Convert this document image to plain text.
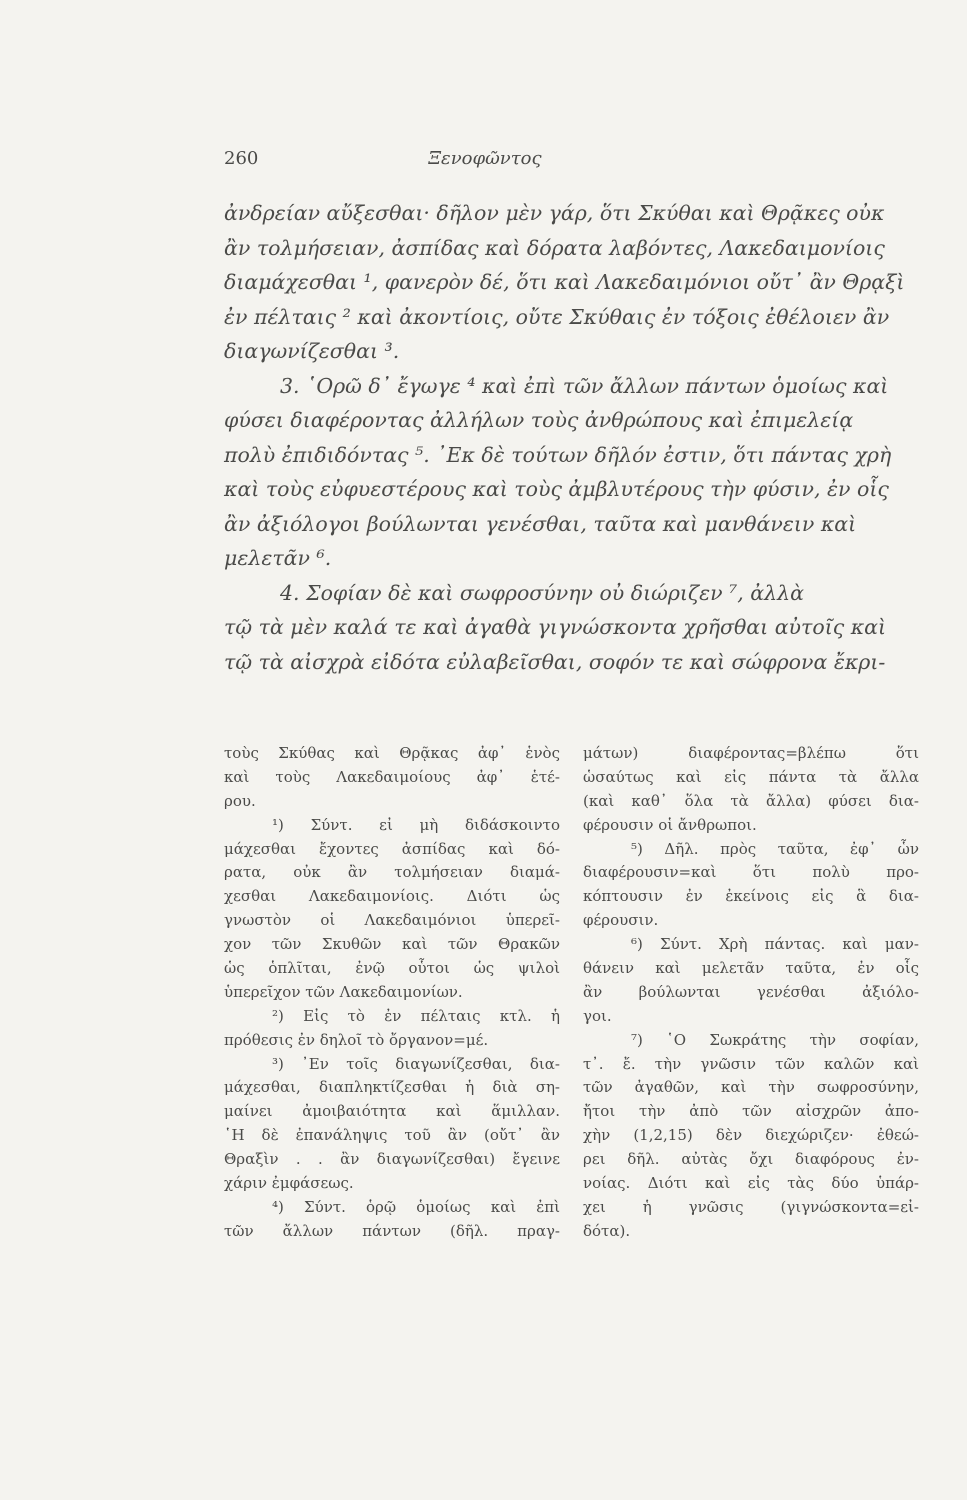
260	Ξενοφῶντος
ἀνδρείαν αὔξεσθαι· δῆλον μὲν γάρ, ὅτι Σκύθαι καὶ Θρᾷκες οὐκ
ἂν τολμήσειαν, ἀσπίδας καὶ δόρατα λαβόντες, Λακεδαιμονίοις
διαμάχεσθαι ¹, φανερὸν δέ, ὅτι καὶ Λακεδαιμόνιοι οὔτ᾿ ἂν Θρᾳξὶ
ἐν πέλταις ² καὶ ἀκοντίοις, οὔτε Σκύθαις ἐν τόξοις ἐθέλοιεν ἂν
διαγωνίζεσθαι ³.
3. ῾Ορῶ δ᾿ ἔγωγε ⁴ καὶ ἐπὶ τῶν ἄλλων πάντων ὁμοίως καὶ
φύσει διαφέροντας ἀλλήλων τοὺς ἀνθρώπους καὶ ἐπιμελείᾳ
πολὺ ἐπιδιδόντας ⁵. ᾿Εκ δὲ τούτων δῆλόν ἐστιν, ὅτι πάντας χρὴ
καὶ τοὺς εὐφυεστέρους καὶ τοὺς ἀμβλυτέρους τὴν φύσιν, ἐν οἷς
ἂν ἀξιόλογοι βούλωνται γενέσθαι, ταῦτα καὶ μανθάνειν καὶ
μελετᾶν ⁶.
4. Σοφίαν δὲ καὶ σωφροσύνην οὐ διώριζεν ⁷, ἀλλὰ
τῷ τὰ μὲν καλά τε καὶ ἀγαθὰ γιγνώσκοντα χρῆσθαι αὐτοῖς καὶ
τῷ τὰ αἰσχρὰ εἰδότα εὐλαβεῖσθαι, σοφόν τε καὶ σώφρονα ἔκρι-
τοὺς Σκύθας καὶ Θρᾷκας ἀφ᾿ ἑνὸς
καὶ τοὺς Λακεδαιμοίους ἀφ᾿ ἑτέ-
ρου.
¹) Σύντ. εἰ μὴ διδάσκοιντο
μάχεσθαι ἔχοντες ἀσπίδας καὶ δό-
ρατα, οὐκ ἂν τολμήσειαν διαμά-
χεσθαι Λακεδαιμονίοις. Διότι ὡς
γνωστὸν οἱ Λακεδαιμόνιοι ὑπερεῖ-
χον τῶν Σκυθῶν καὶ τῶν Θρακῶν
ὡς ὁπλῖται, ἐνῷ οὗτοι ὡς ψιλοὶ
ὑπερεῖχον τῶν Λακεδαιμονίων.
²) Εἰς τὸ ἐν πέλταις κτλ. ἡ
πρόθεσις ἐν δηλοῖ τὸ ὄργανον=μέ.
³) ᾿Εν τοῖς διαγωνίζεσθαι, δια-
μάχεσθαι, διαπληκτίζεσθαι ἡ διὰ ση-
μαίνει ἀμοιβαιότητα καὶ ἅμιλλαν.
῾Η δὲ ἐπανάληψις τοῦ ἂν (οὔτ᾿ ἂν
Θραξὶν . . ἂν διαγωνίζεσθαι) ἔγεινε
χάριν ἐμφάσεως.
⁴) Σύντ. ὁρῷ ὁμοίως καὶ ἐπὶ
τῶν ἄλλων πάντων (δῆλ. πραγ-
μάτων) διαφέροντας=βλέπω ὅτι
ὡσαύτως καὶ εἰς πάντα τὰ ἄλλα
(καὶ καθ᾿ ὅλα τὰ ἄλλα) φύσει δια-
φέρουσιν οἱ ἄνθρωποι.
⁵) Δῆλ. πρὸς ταῦτα, ἐφ᾿ ὧν
διαφέρουσιν=καὶ ὅτι πολὺ προ-
κόπτουσιν ἐν ἐκείνοις εἰς ἃ δια-
φέρουσιν.
⁶) Σύντ. Χρὴ πάντας. καὶ μαν-
θάνειν καὶ μελετᾶν ταῦτα, ἐν οἷς
ἂν βούλωνται γενέσθαι ἀξιόλο-
γοι.
⁷) ῾Ο Σωκράτης τὴν σοφίαν,
τ᾿. ἔ. τὴν γνῶσιν τῶν καλῶν καὶ
τῶν ἀγαθῶν, καὶ τὴν σωφροσύνην,
ἤτοι τὴν ἀπὸ τῶν αἰσχρῶν ἀπο-
χὴν (1,2,15) δὲν διεχώριζεν· ἐθεώ-
ρει δῆλ. αὐτὰς ὄχι διαφόρους ἐν-
νοίας. Διότι καὶ εἰς τὰς δύο ὑπάρ-
χει ἡ γνῶσις (γιγνώσκοντα=εἰ-
δότα).
